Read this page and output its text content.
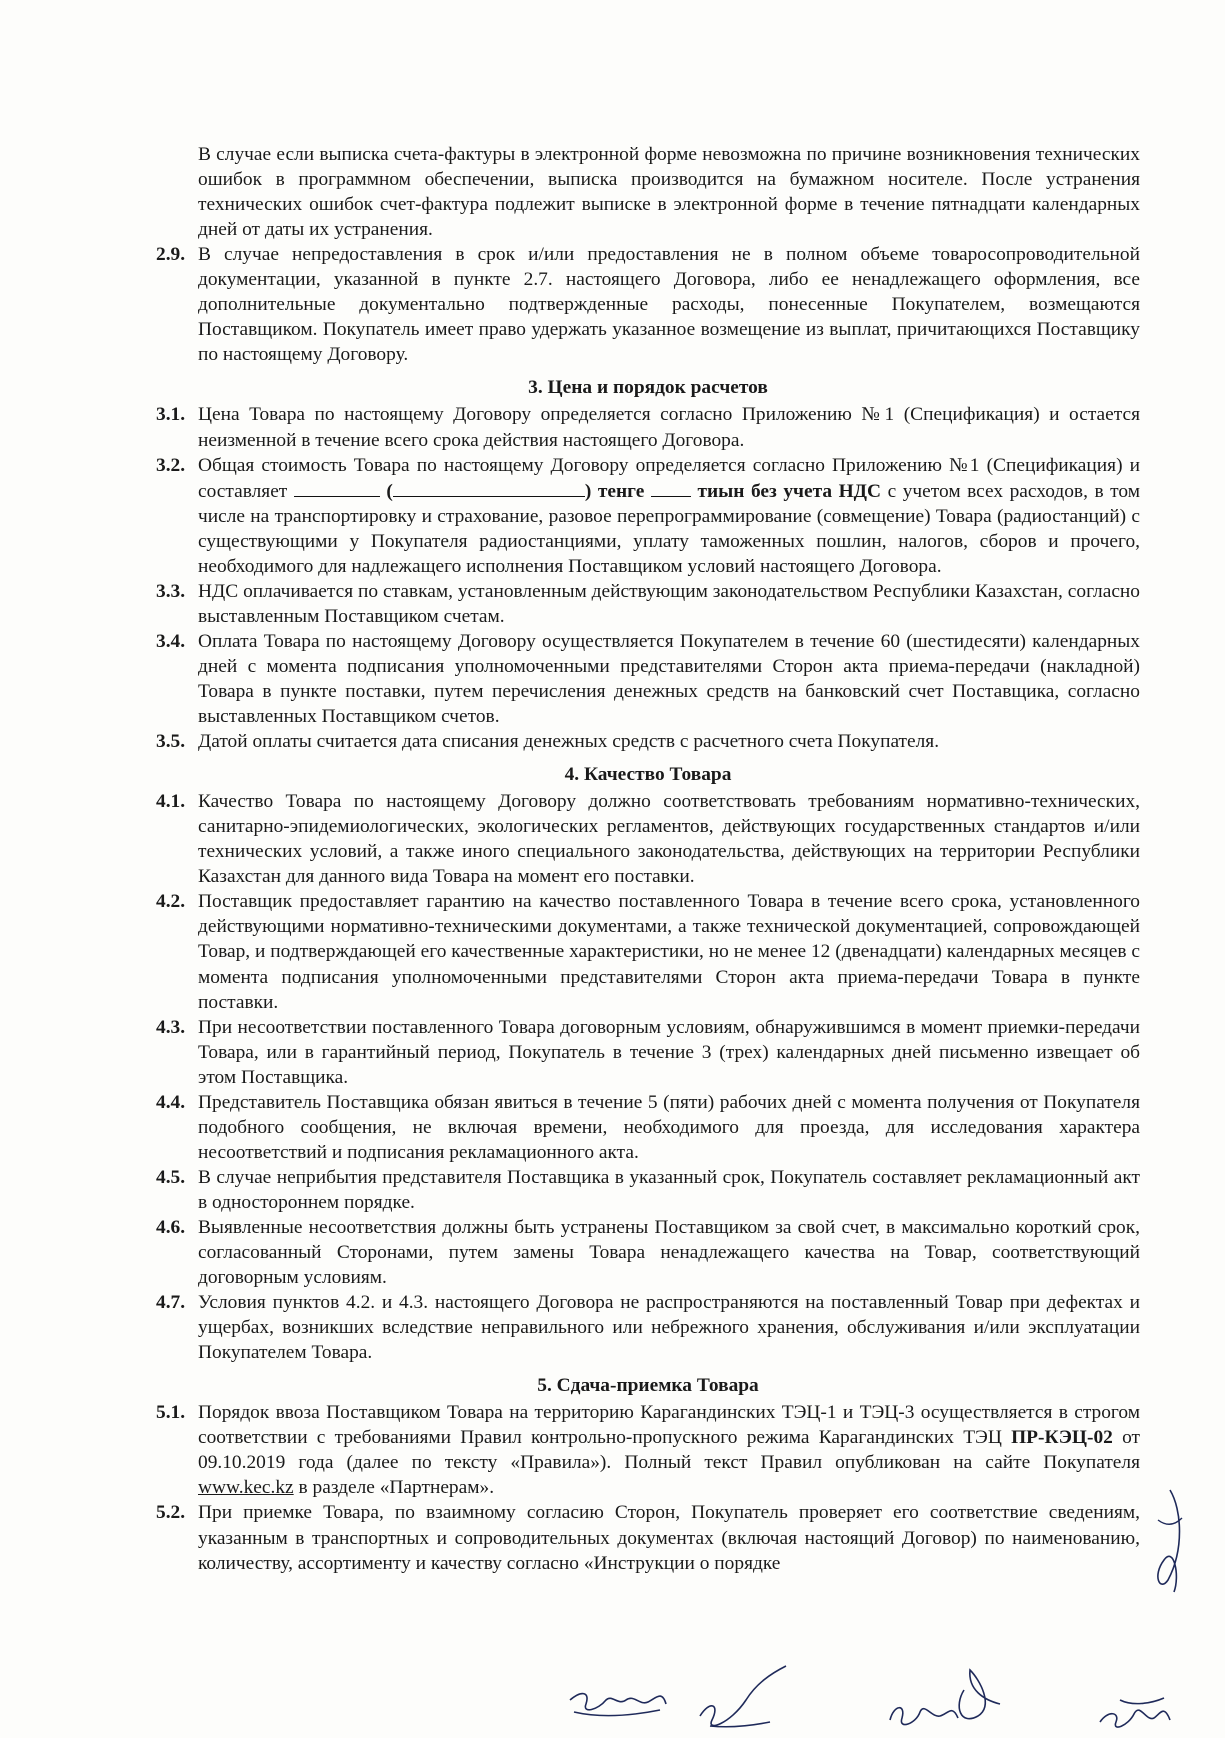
В случае если выписка счета-фактуры в электронной форме невозможна по причине возникновения технических ошибок в программном обеспечении, выписка производится на бумажном носителе. После устранения технических ошибок счет-фактура подлежит выписке в электронной форме в течение пятнадцати календарных дней от даты их устранения.

2.9. В случае непредоставления в срок и/или предоставления не в полном объеме товаросопроводительной документации, указанной в пункте 2.7. настоящего Договора, либо ее ненадлежащего оформления, все дополнительные документально подтвержденные расходы, понесенные Покупателем, возмещаются Поставщиком. Покупатель имеет право удержать указанное возмещение из выплат, причитающихся Поставщику по настоящему Договору.
3. Цена и порядок расчетов
3.1. Цена Товара по настоящему Договору определяется согласно Приложению №1 (Спецификация) и остается неизменной в течение всего срока действия настоящего Договора.
3.2. Общая стоимость Товара по настоящему Договору определяется согласно Приложению №1 (Спецификация) и составляет	(	) тенге	тиын без учета НДС с учетом всех расходов, в том числе на транспортировку и страхование, разовое перепрограммирование (совмещение) Товара (радиостанций) с существующими у Покупателя радиостанциями, уплату таможенных пошлин, налогов, сборов и прочего, необходимого для надлежащего исполнения Поставщиком условий настоящего Договора.
3.3. НДС оплачивается по ставкам, установленным действующим законодательством Республики Казахстан, согласно выставленным Поставщиком счетам.
3.4. Оплата Товара по настоящему Договору осуществляется Покупателем в течение 60 (шестидесяти) календарных дней с момента подписания уполномоченными представителями Сторон акта приема-передачи (накладной) Товара в пункте поставки, путем перечисления денежных средств на банковский счет Поставщика, согласно выставленных Поставщиком счетов.
3.5. Датой оплаты считается дата списания денежных средств с расчетного счета Покупателя.
4. Качество Товара
4.1. Качество Товара по настоящему Договору должно соответствовать требованиям нормативно-технических, санитарно-эпидемиологических, экологических регламентов, действующих государственных стандартов и/или технических условий, а также иного специального законодательства, действующих на территории Республики Казахстан для данного вида Товара на момент его поставки.
4.2. Поставщик предоставляет гарантию на качество поставленного Товара в течение всего срока, установленного действующими нормативно-техническими документами, а также технической документацией, сопровождающей Товар, и подтверждающей его качественные характеристики, но не менее 12 (двенадцати) календарных месяцев с момента подписания уполномоченными представителями Сторон акта приема-передачи Товара в пункте поставки.
4.3. При несоответствии поставленного Товара договорным условиям, обнаружившимся в момент приемки-передачи Товара, или в гарантийный период, Покупатель в течение 3 (трех) календарных дней письменно извещает об этом Поставщика.
4.4. Представитель Поставщика обязан явиться в течение 5 (пяти) рабочих дней с момента получения от Покупателя подобного сообщения, не включая времени, необходимого для проезда, для исследования характера несоответствий и подписания рекламационного акта.
4.5. В случае неприбытия представителя Поставщика в указанный срок, Покупатель составляет рекламационный акт в одностороннем порядке.
4.6. Выявленные несоответствия должны быть устранены Поставщиком за свой счет, в максимально короткий срок, согласованный Сторонами, путем замены Товара ненадлежащего качества на Товар, соответствующий договорным условиям.
4.7. Условия пунктов 4.2. и 4.3. настоящего Договора не распространяются на поставленный Товар при дефектах и ущербах, возникших вследствие неправильного или небрежного хранения, обслуживания и/или эксплуатации Покупателем Товара.
5. Сдача-приемка Товара
5.1. Порядок ввоза Поставщиком Товара на территорию Карагандинских ТЭЦ-1 и ТЭЦ-3 осуществляется в строгом соответствии с требованиями Правил контрольно-пропускного режима Карагандинских ТЭЦ ПР-КЭЦ-02 от 09.10.2019 года (далее по тексту «Правила»). Полный текст Правил опубликован на сайте Покупателя www.kec.kz в разделе «Партнерам».
5.2. При приемке Товара, по взаимному согласию Сторон, Покупатель проверяет его соответствие сведениям, указанным в транспортных и сопроводительных документах (включая настоящий Договор) по наименованию, количеству, ассортименту и качеству согласно «Инструкции о порядке
